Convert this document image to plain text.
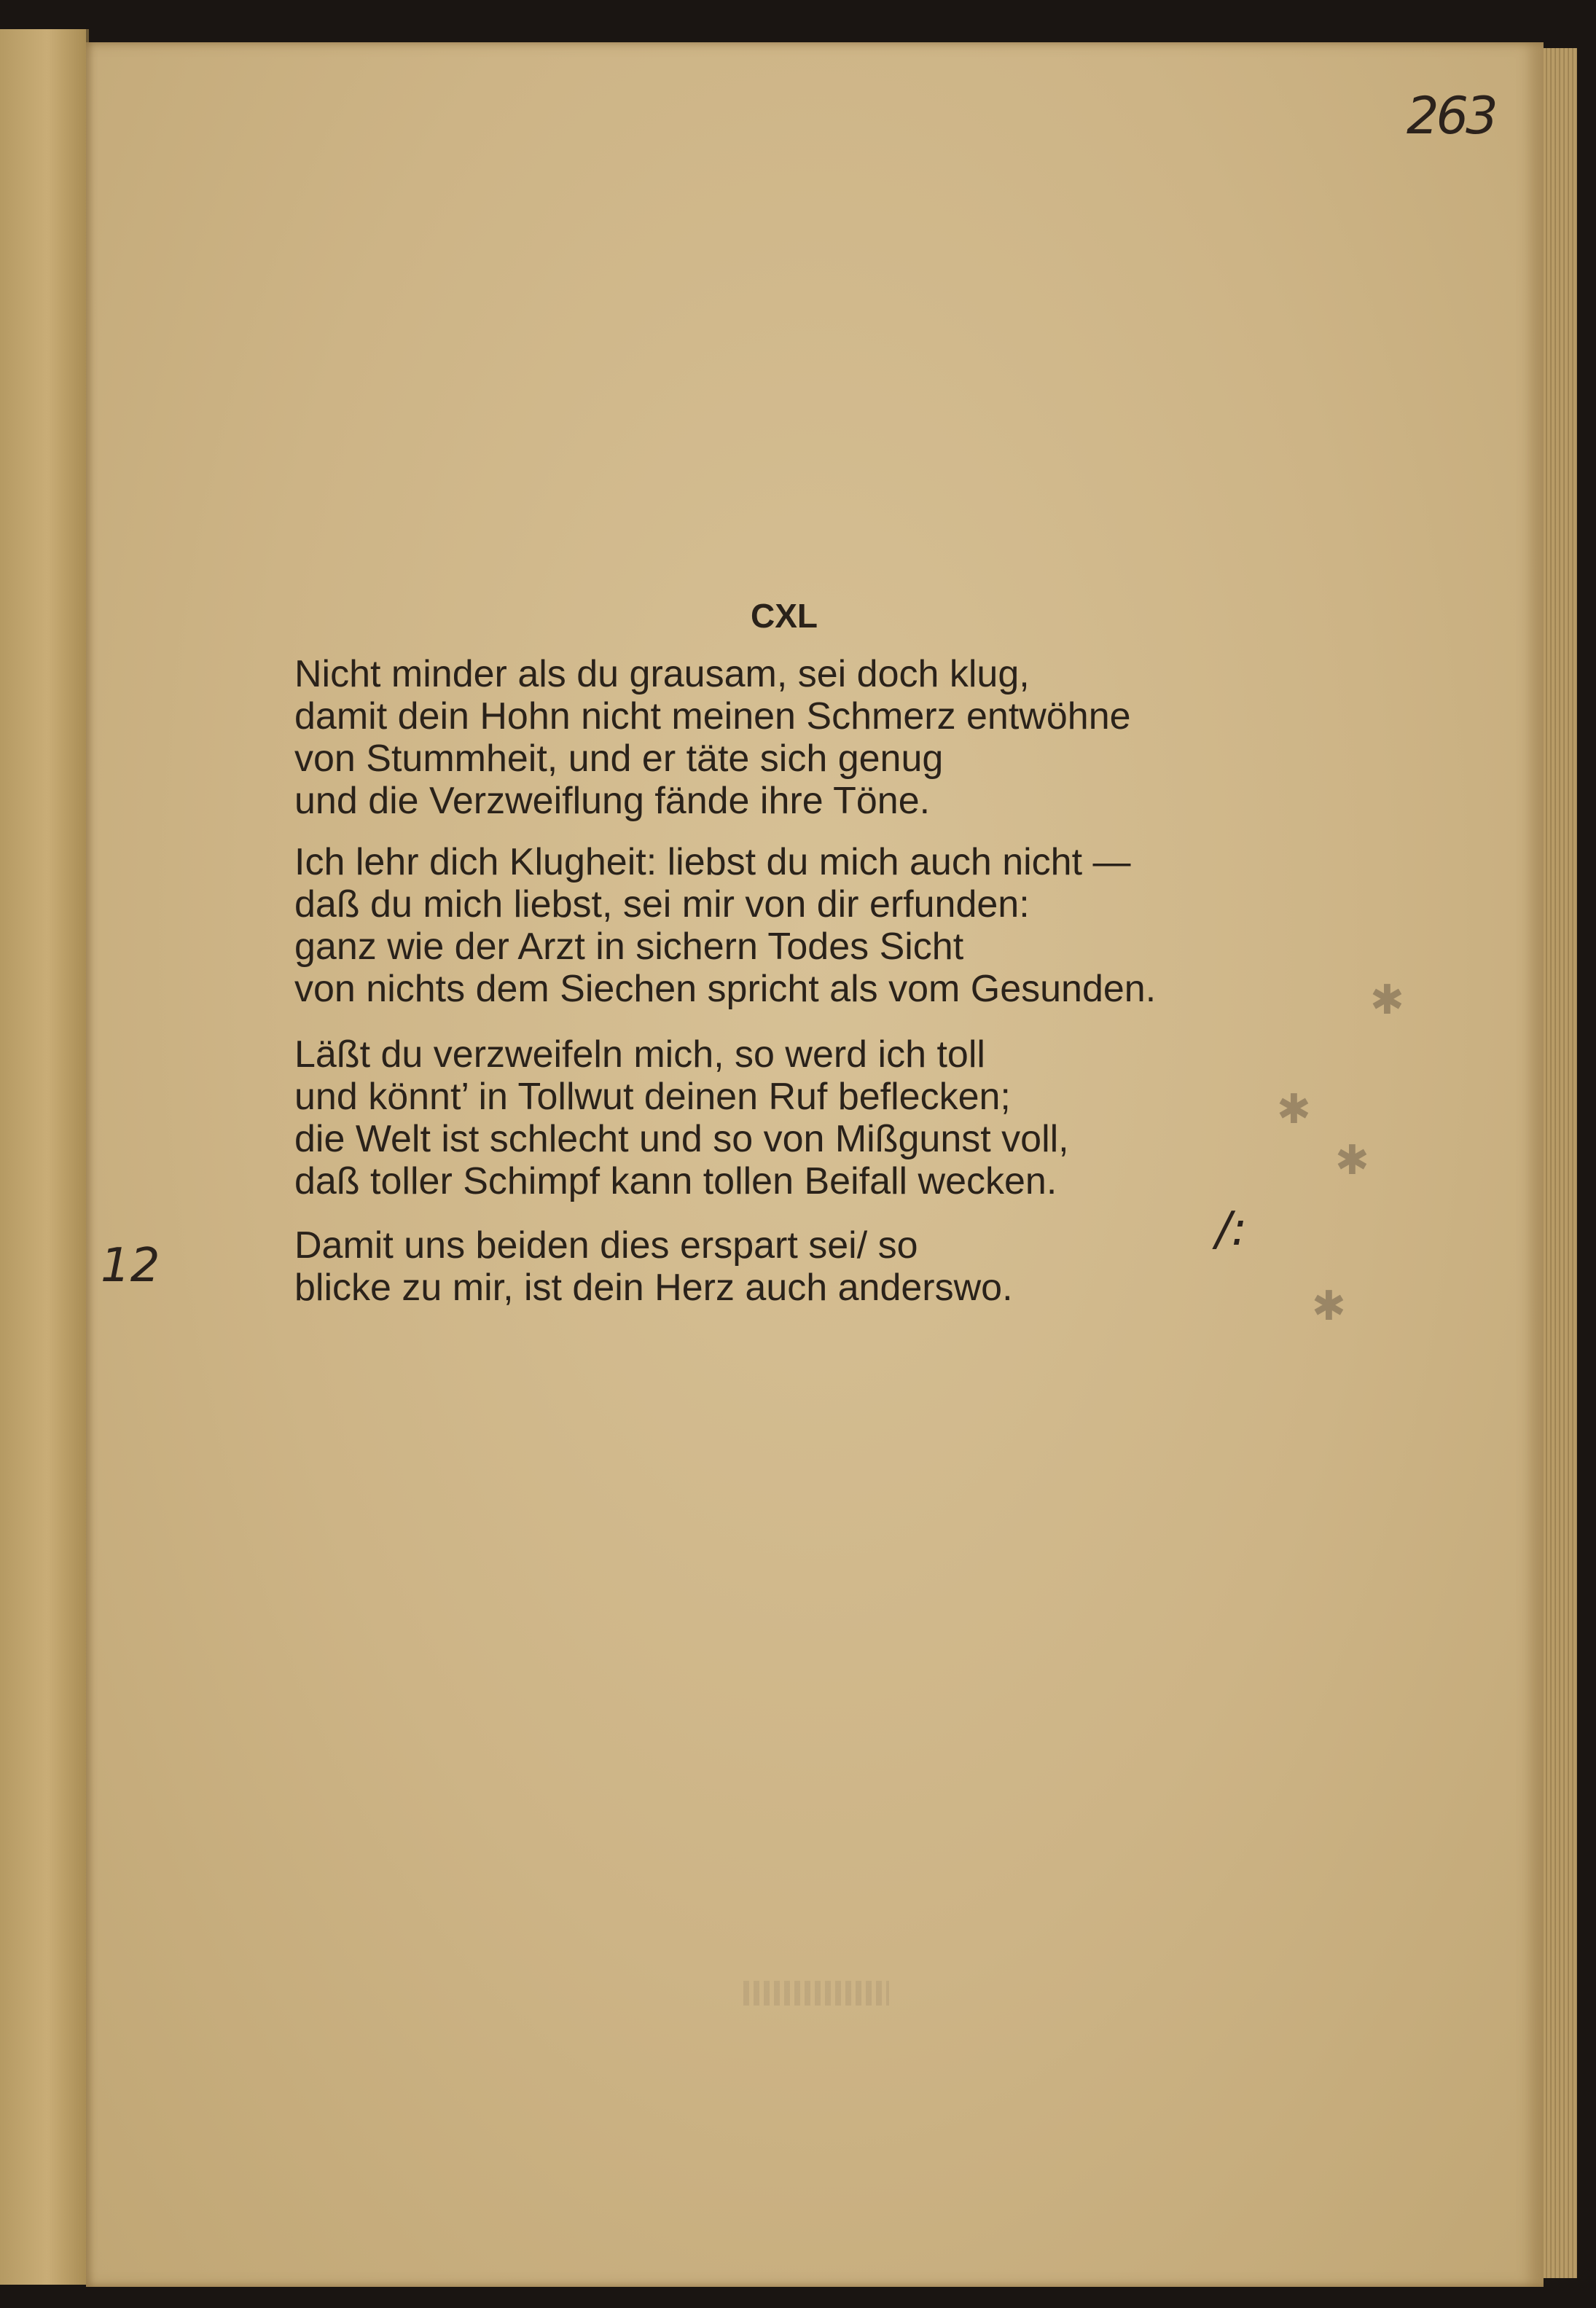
263
CXL
Nicht minder als du grausam, sei doch klug,
damit dein Hohn nicht meinen Schmerz entwöhne
von Stummheit, und er täte sich genug
und die Verzweiflung fände ihre Töne.
Ich lehr dich Klugheit: liebst du mich auch nicht —
daß du mich liebst, sei mir von dir erfunden:
ganz wie der Arzt in sichern Todes Sicht
von nichts dem Siechen spricht als vom Gesunden.
Läßt du verzweifeln mich, so werd ich toll
und könnt’ in Tollwut deinen Ruf beflecken;
die Welt ist schlecht und so von Mißgunst voll,
daß toller Schimpf kann tollen Beifall wecken.
Damit uns beiden dies erspart sei/ so
blicke zu mir, ist dein Herz auch anderswo.
12
/:
✱
✱
✱
✱
